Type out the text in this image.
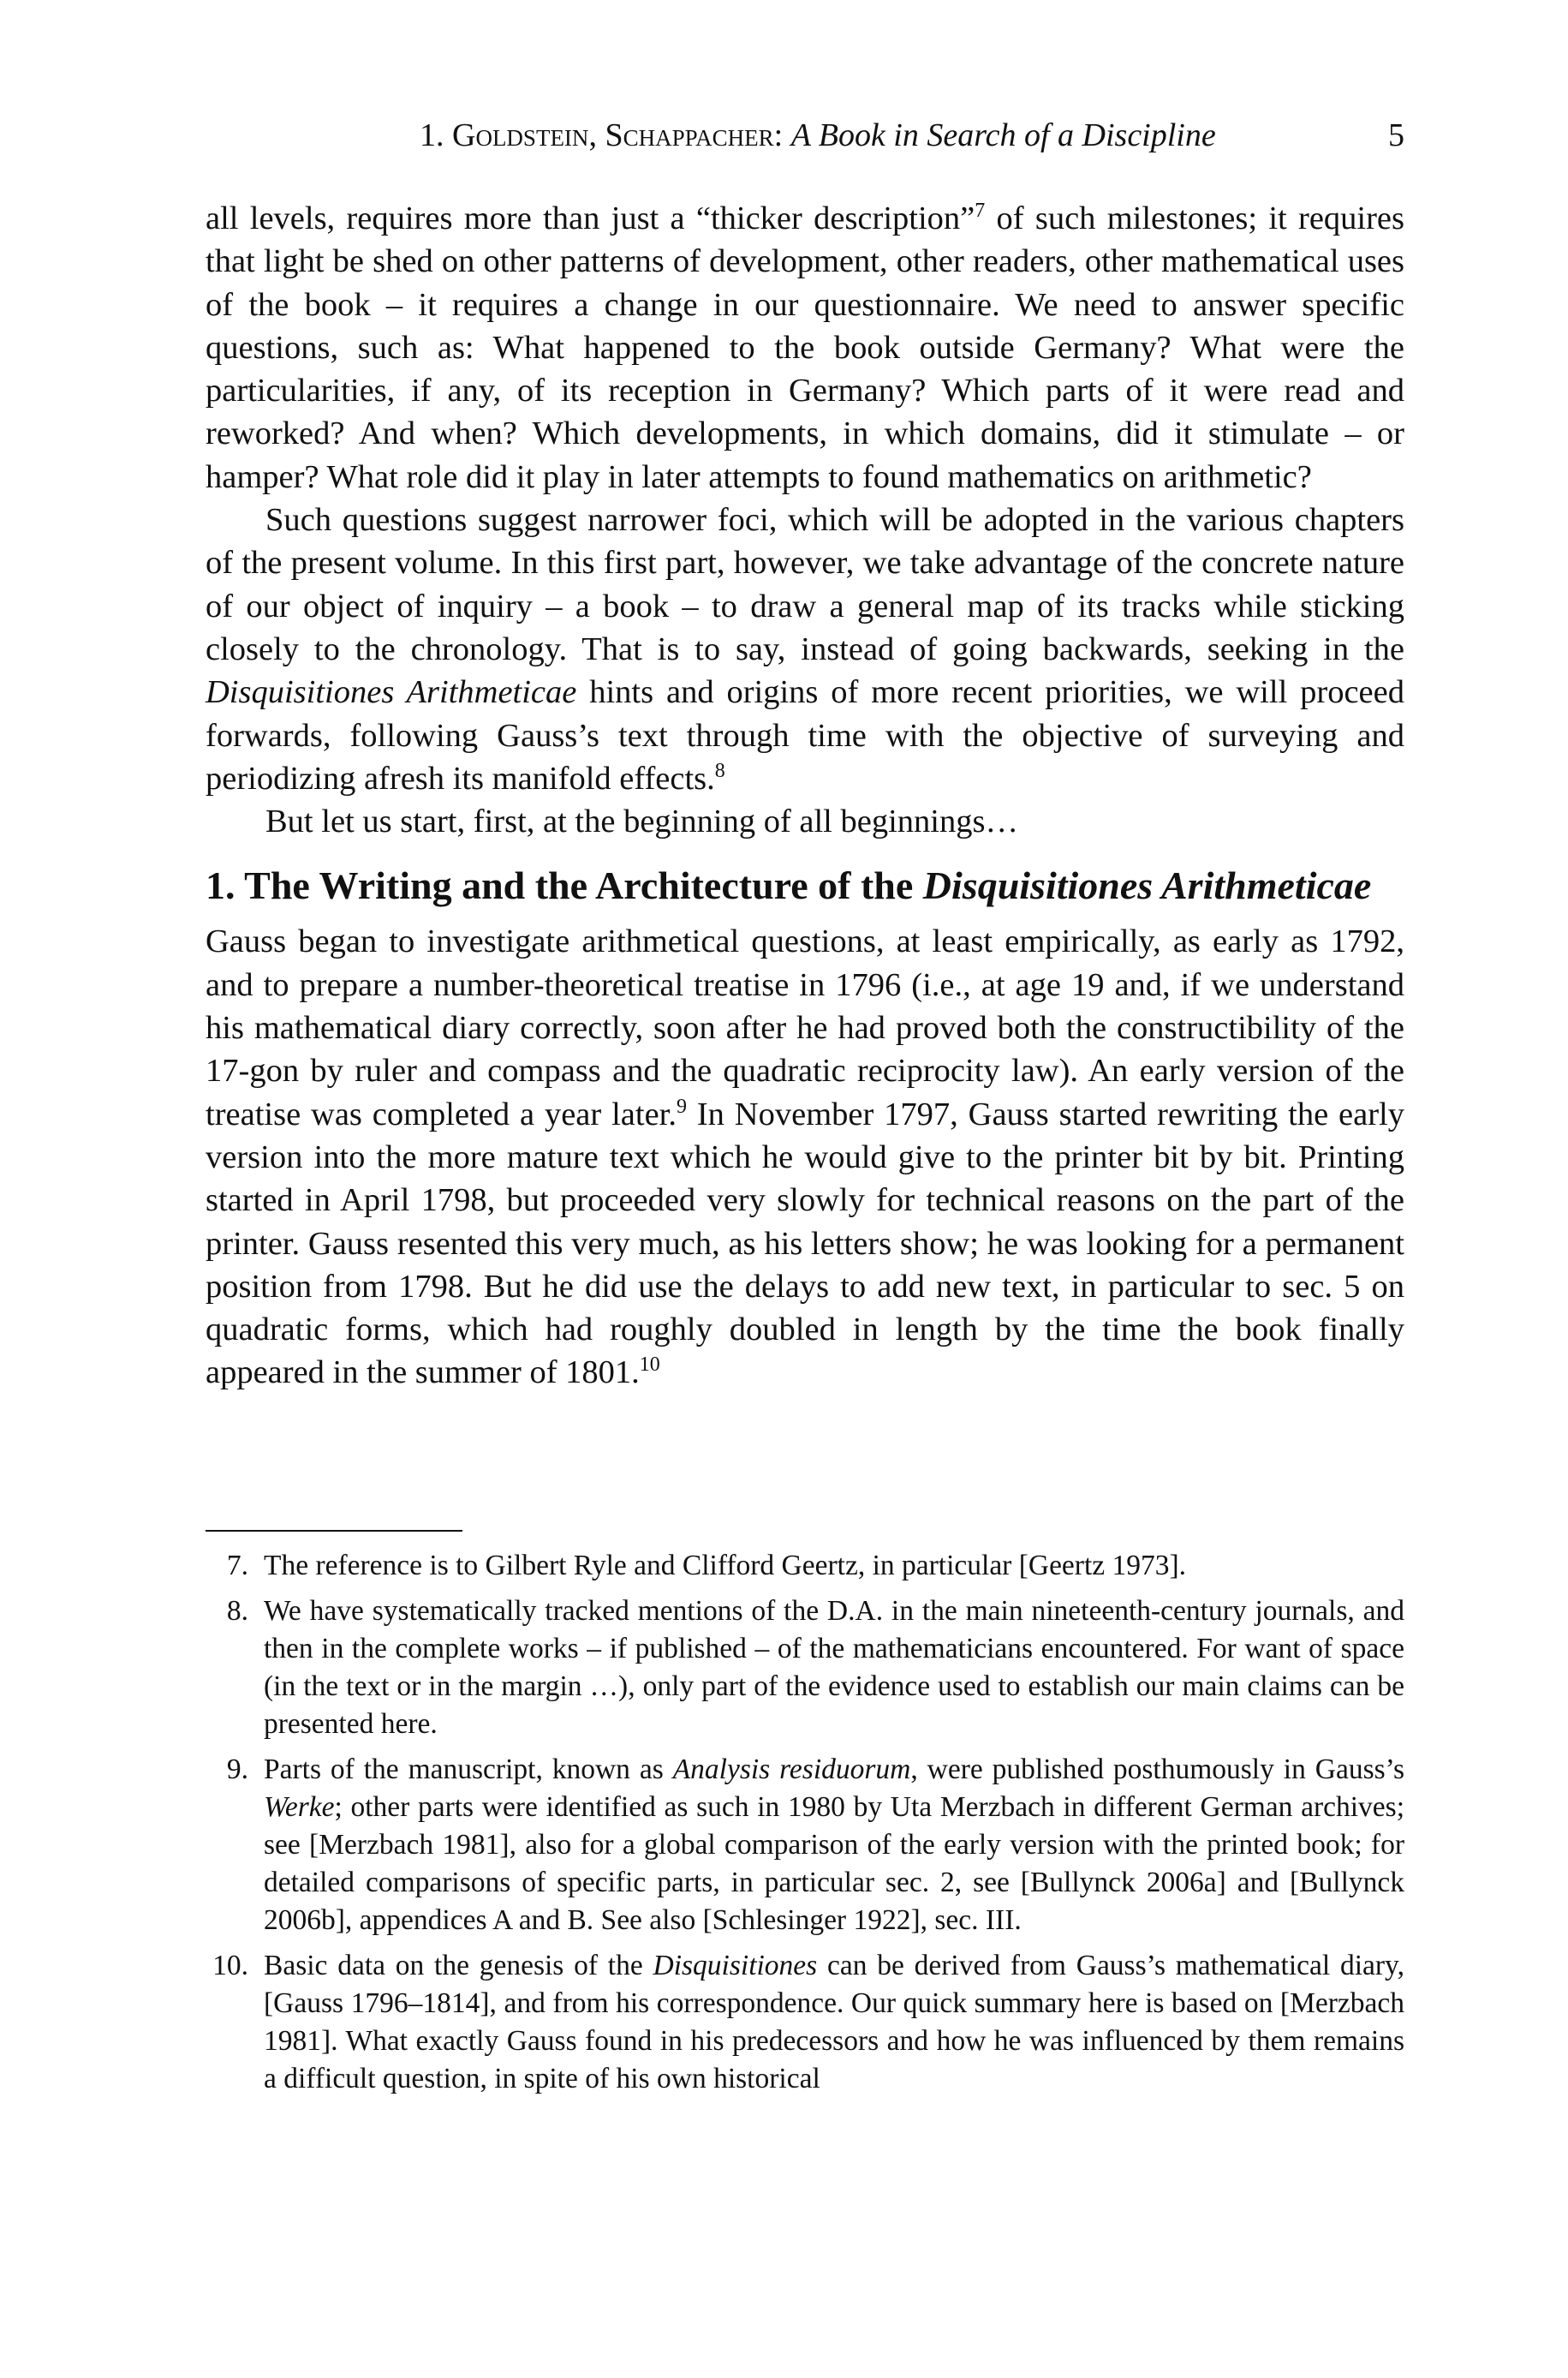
1. Goldstein, Schappacher: A Book in Search of a Discipline	5

all levels, requires more than just a “thicker description”$^7$ of such milestones; it requires that light be shed on other patterns of development, other readers, other mathematical uses of the book – it requires a change in our questionnaire. We need to answer specific questions, such as: What happened to the book outside Germany? What were the particularities, if any, of its reception in Germany? Which parts of it were read and reworked? And when? Which developments, in which domains, did it stimulate – or hamper? What role did it play in later attempts to found mathematics on arithmetic?

Such questions suggest narrower foci, which will be adopted in the various chapters of the present volume. In this first part, however, we take advantage of the concrete nature of our object of inquiry – a book – to draw a general map of its tracks while sticking closely to the chronology. That is to say, instead of going backwards, seeking in the Disquisitiones Arithmeticae hints and origins of more recent priorities, we will proceed forwards, following Gauss’s text through time with the objective of surveying and periodizing afresh its manifold effects.$^8$

But let us start, first, at the beginning of all beginnings…

1. The Writing and the Architecture of the Disquisitiones Arithmeticae

Gauss began to investigate arithmetical questions, at least empirically, as early as 1792, and to prepare a number-theoretical treatise in 1796 (i.e., at age 19 and, if we understand his mathematical diary correctly, soon after he had proved both the constructibility of the 17-gon by ruler and compass and the quadratic reciprocity law). An early version of the treatise was completed a year later.$^9$ In November 1797, Gauss started rewriting the early version into the more mature text which he would give to the printer bit by bit. Printing started in April 1798, but proceeded very slowly for technical reasons on the part of the printer. Gauss resented this very much, as his letters show; he was looking for a permanent position from 1798. But he did use the delays to add new text, in particular to sec. 5 on quadratic forms, which had roughly doubled in length by the time the book finally appeared in the summer of 1801.10

7. The reference is to Gilbert Ryle and Clifford Geertz, in particular [Geertz 1973].
8. We have systematically tracked mentions of the D.A. in the main nineteenth-century journals, and then in the complete works – if published – of the mathematicians encountered. For want of space (in the text or in the margin …), only part of the evidence used to establish our main claims can be presented here.
9. Parts of the manuscript, known as Analysis residuorum, were published posthumously in Gauss’s Werke; other parts were identified as such in 1980 by Uta Merzbach in different German archives; see [Merzbach 1981], also for a global comparison of the early version with the printed book; for detailed comparisons of specific parts, in particular sec. 2, see [Bullynck 2006a] and [Bullynck 2006b], appendices A and B. See also [Schlesinger 1922], sec. III.
10. Basic data on the genesis of the Disquisitiones can be derived from Gauss’s mathematical diary, [Gauss 1796–1814], and from his correspondence. Our quick summary here is based on [Merzbach 1981]. What exactly Gauss found in his predecessors and how he was influenced by them remains a difficult question, in spite of his own historical
